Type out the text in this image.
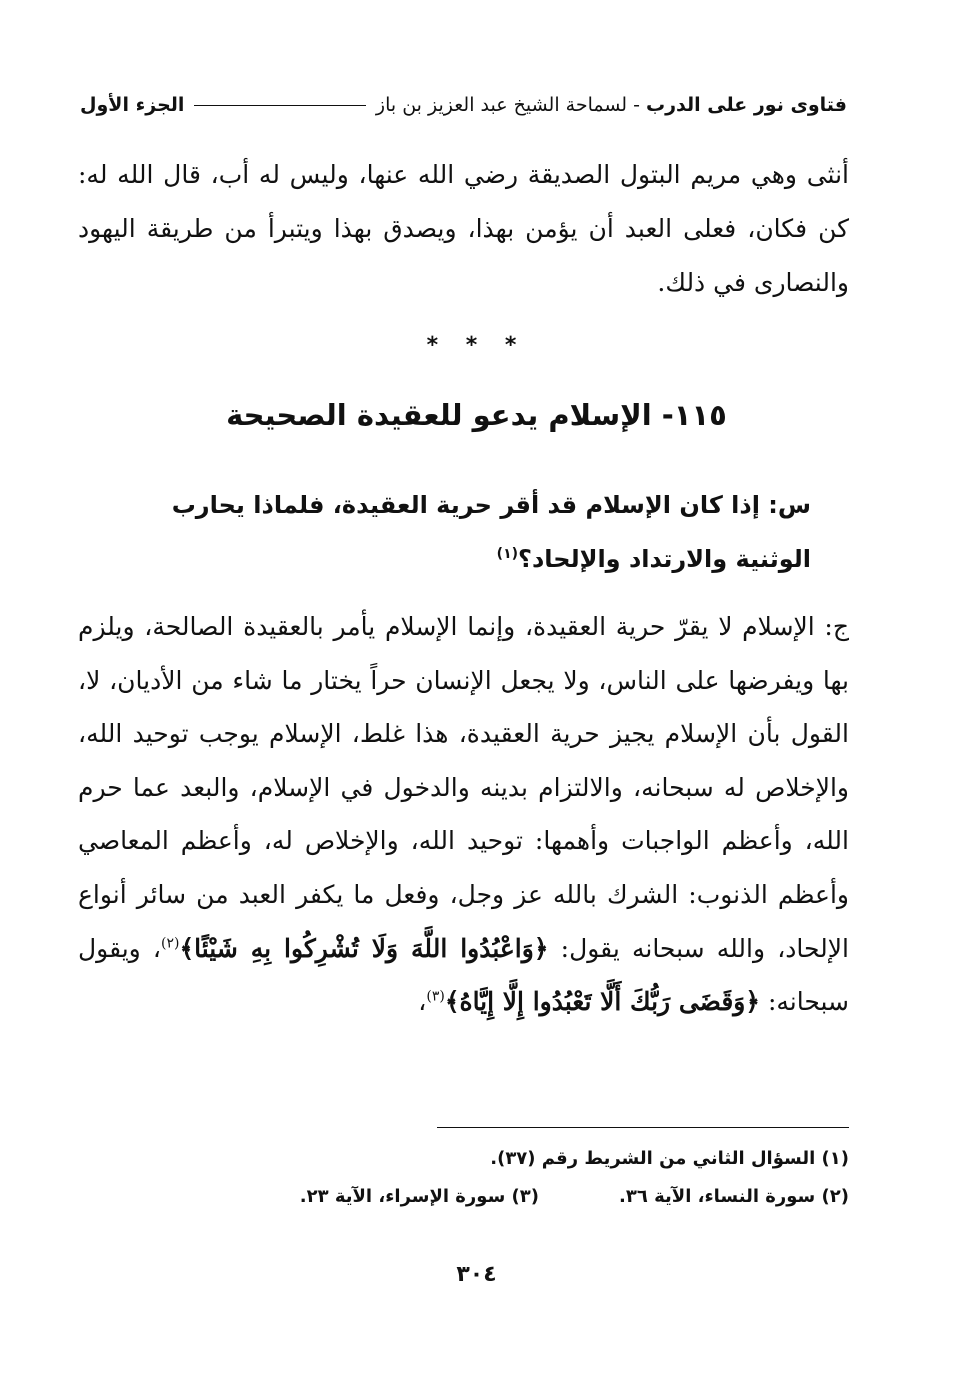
فتاوى نور على الدرب
- لسماحة الشيخ عبد العزيز بن باز
الجزء الأول
أنثى وهي مريم البتول الصديقة رضي الله عنها، وليس له أب، قال الله له: كن فكان، فعلى العبد أن يؤمن بهذا، ويصدق بهذا ويتبرأ من طريقة اليهود والنصارى في ذلك.
* * *
١١٥- الإسلام يدعو للعقيدة الصحيحة
س: إذا كان الإسلام قد أقر حرية العقيدة، فلماذا يحارب الوثنية والارتداد والإلحاد؟$^{(١)}$
ج: الإسلام لا يقرّ حرية العقيدة، وإنما الإسلام يأمر بالعقيدة الصالحة، ويلزم بها ويفرضها على الناس، ولا يجعل الإنسان حراً يختار ما شاء من الأديان، لا، القول بأن الإسلام يجيز حرية العقيدة، هذا غلط، الإسلام يوجب توحيد الله، والإخلاص له سبحانه، والالتزام بدينه والدخول في الإسلام، والبعد عما حرم الله، وأعظم الواجبات وأهمها: توحيد الله، والإخلاص له، وأعظم المعاصي وأعظم الذنوب: الشرك بالله عز وجل، وفعل ما يكفر العبد من سائر أنواع الإلحاد، والله سبحانه يقول: ﴿وَاعْبُدُوا اللَّهَ وَلَا تُشْرِكُوا بِهِ شَيْئًا﴾$^{(٢)}$، ويقول سبحانه: ﴿وَقَضَى رَبُّكَ أَلَّا تَعْبُدُوا إِلَّا إِيَّاهُ﴾$^{(٣)}$،
(١) السؤال الثاني من الشريط رقم (٣٧).
(٢) سورة النساء، الآية ٣٦.
(٣) سورة الإسراء، الآية ٢٣.
٣٠٤
